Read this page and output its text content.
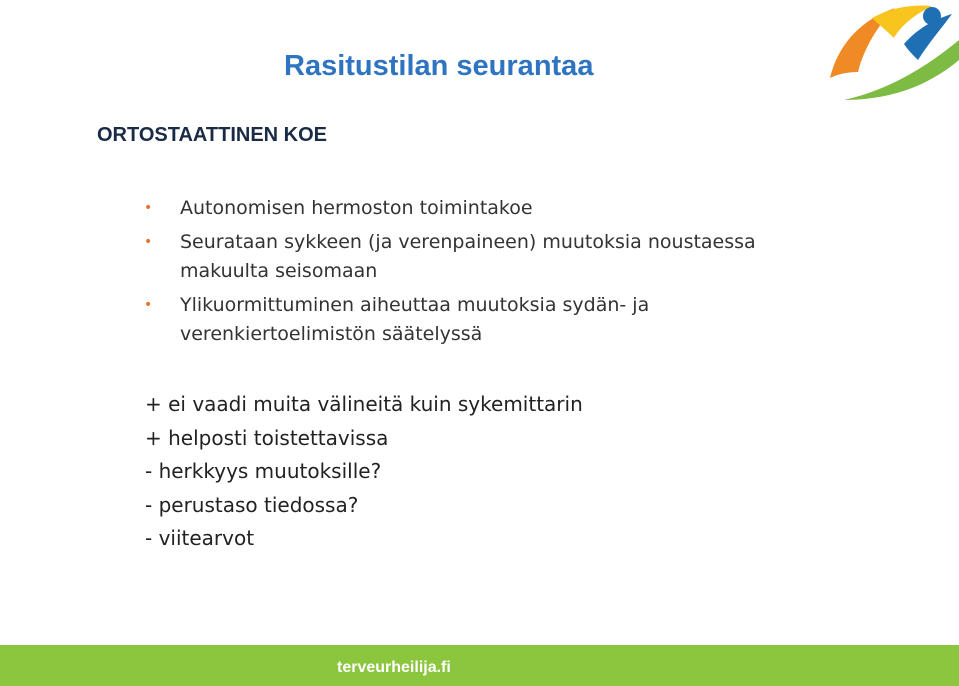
Rasitustilan seurantaa
ORTOSTAATTINEN KOE
• Autonomisen hermoston toimintakoe
• Seurataan sykkeen (ja verenpaineen) muutoksia noustaessa makuulta seisomaan
• Ylikuormittuminen aiheuttaa muutoksia sydän- ja verenkiertoelimistön säätelyssä
+ ei vaadi muita välineitä kuin sykemittarin
+ helposti toistettavissa
- herkkyys muutoksille?
- perustaso tiedossa?
- viitearvot
terveurheilija.fi
